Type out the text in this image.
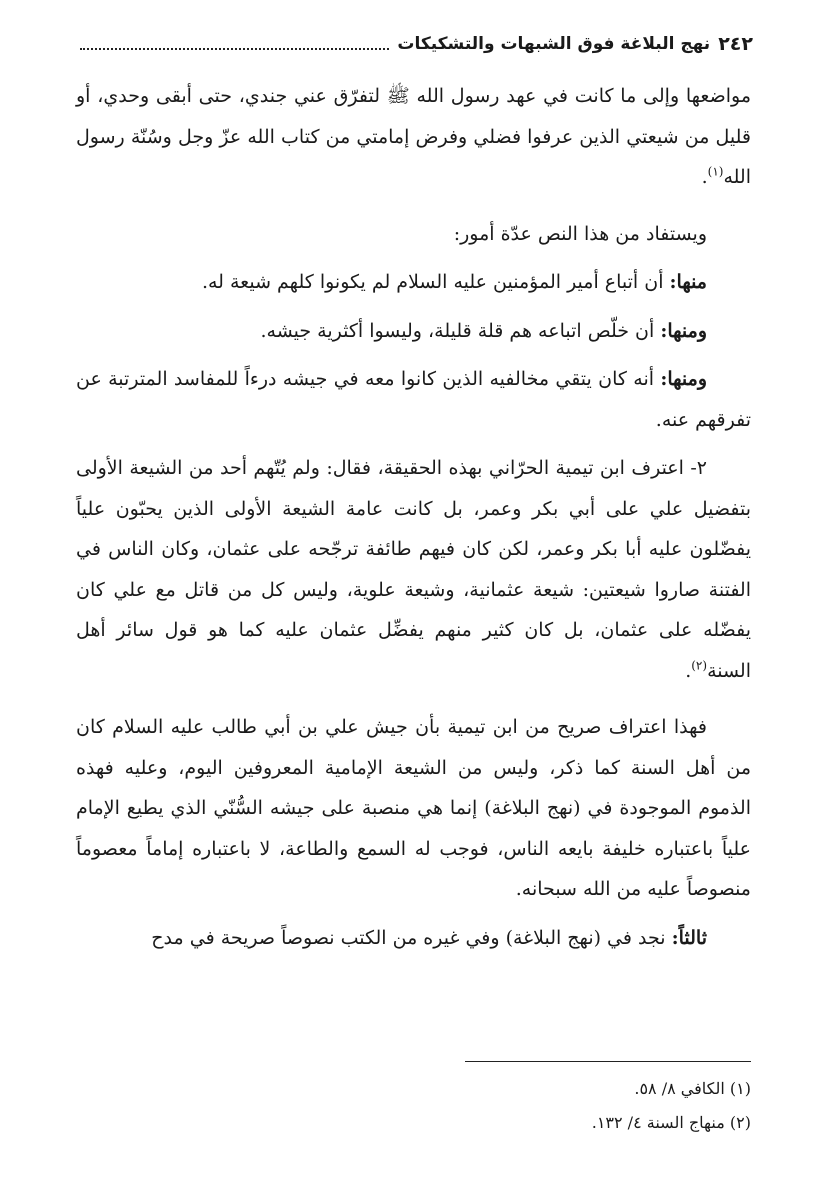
٢٤٢
نهج البلاغة فوق الشبهات والتشكيكات

مواضعها وإلى ما كانت في عهد رسول الله ﷺ لتفرّق عني جندي، حتى أبقى وحدي، أو قليل من شيعتي الذين عرفوا فضلي وفرض إمامتي من كتاب الله عزّ وجل وسُنّة رسول الله$^{(١)}$.

ويستفاد من هذا النص عدّة أمور:

منها: أن أتباع أمير المؤمنين عليه السلام لم يكونوا كلهم شيعة له.

ومنها: أن خلّص اتباعه هم قلة قليلة، وليسوا أكثرية جيشه.

ومنها: أنه كان يتقي مخالفيه الذين كانوا معه في جيشه درءاً للمفاسد المترتبة عن تفرقهم عنه.

٢- اعترف ابن تيمية الحرّاني بهذه الحقيقة، فقال: ولم يُتّهم أحد من الشيعة الأولى بتفضيل علي على أبي بكر وعمر، بل كانت عامة الشيعة الأولى الذين يحبّون علياً يفضّلون عليه أبا بكر وعمر، لكن كان فيهم طائفة ترجّحه على عثمان، وكان الناس في الفتنة صاروا شيعتين: شيعة عثمانية، وشيعة علوية، وليس كل من قاتل مع علي كان يفضّله على عثمان، بل كان كثير منهم يفضِّل عثمان عليه كما هو قول سائر أهل السنة$^{(٢)}$.

فهذا اعتراف صريح من ابن تيمية بأن جيش علي بن أبي طالب عليه السلام كان من أهل السنة كما ذكر، وليس من الشيعة الإمامية المعروفين اليوم، وعليه فهذه الذموم الموجودة في (نهج البلاغة) إنما هي منصبة على جيشه السُّنّي الذي يطيع الإمام علياً باعتباره خليفة بايعه الناس، فوجب له السمع والطاعة، لا باعتباره إماماً معصوماً منصوصاً عليه من الله سبحانه.

ثالثاً: نجد في (نهج البلاغة) وفي غيره من الكتب نصوصاً صريحة في مدح

(١) الكافي ٨/ ٥٨.

(٢) منهاج السنة ٤/ ١٣٢.
